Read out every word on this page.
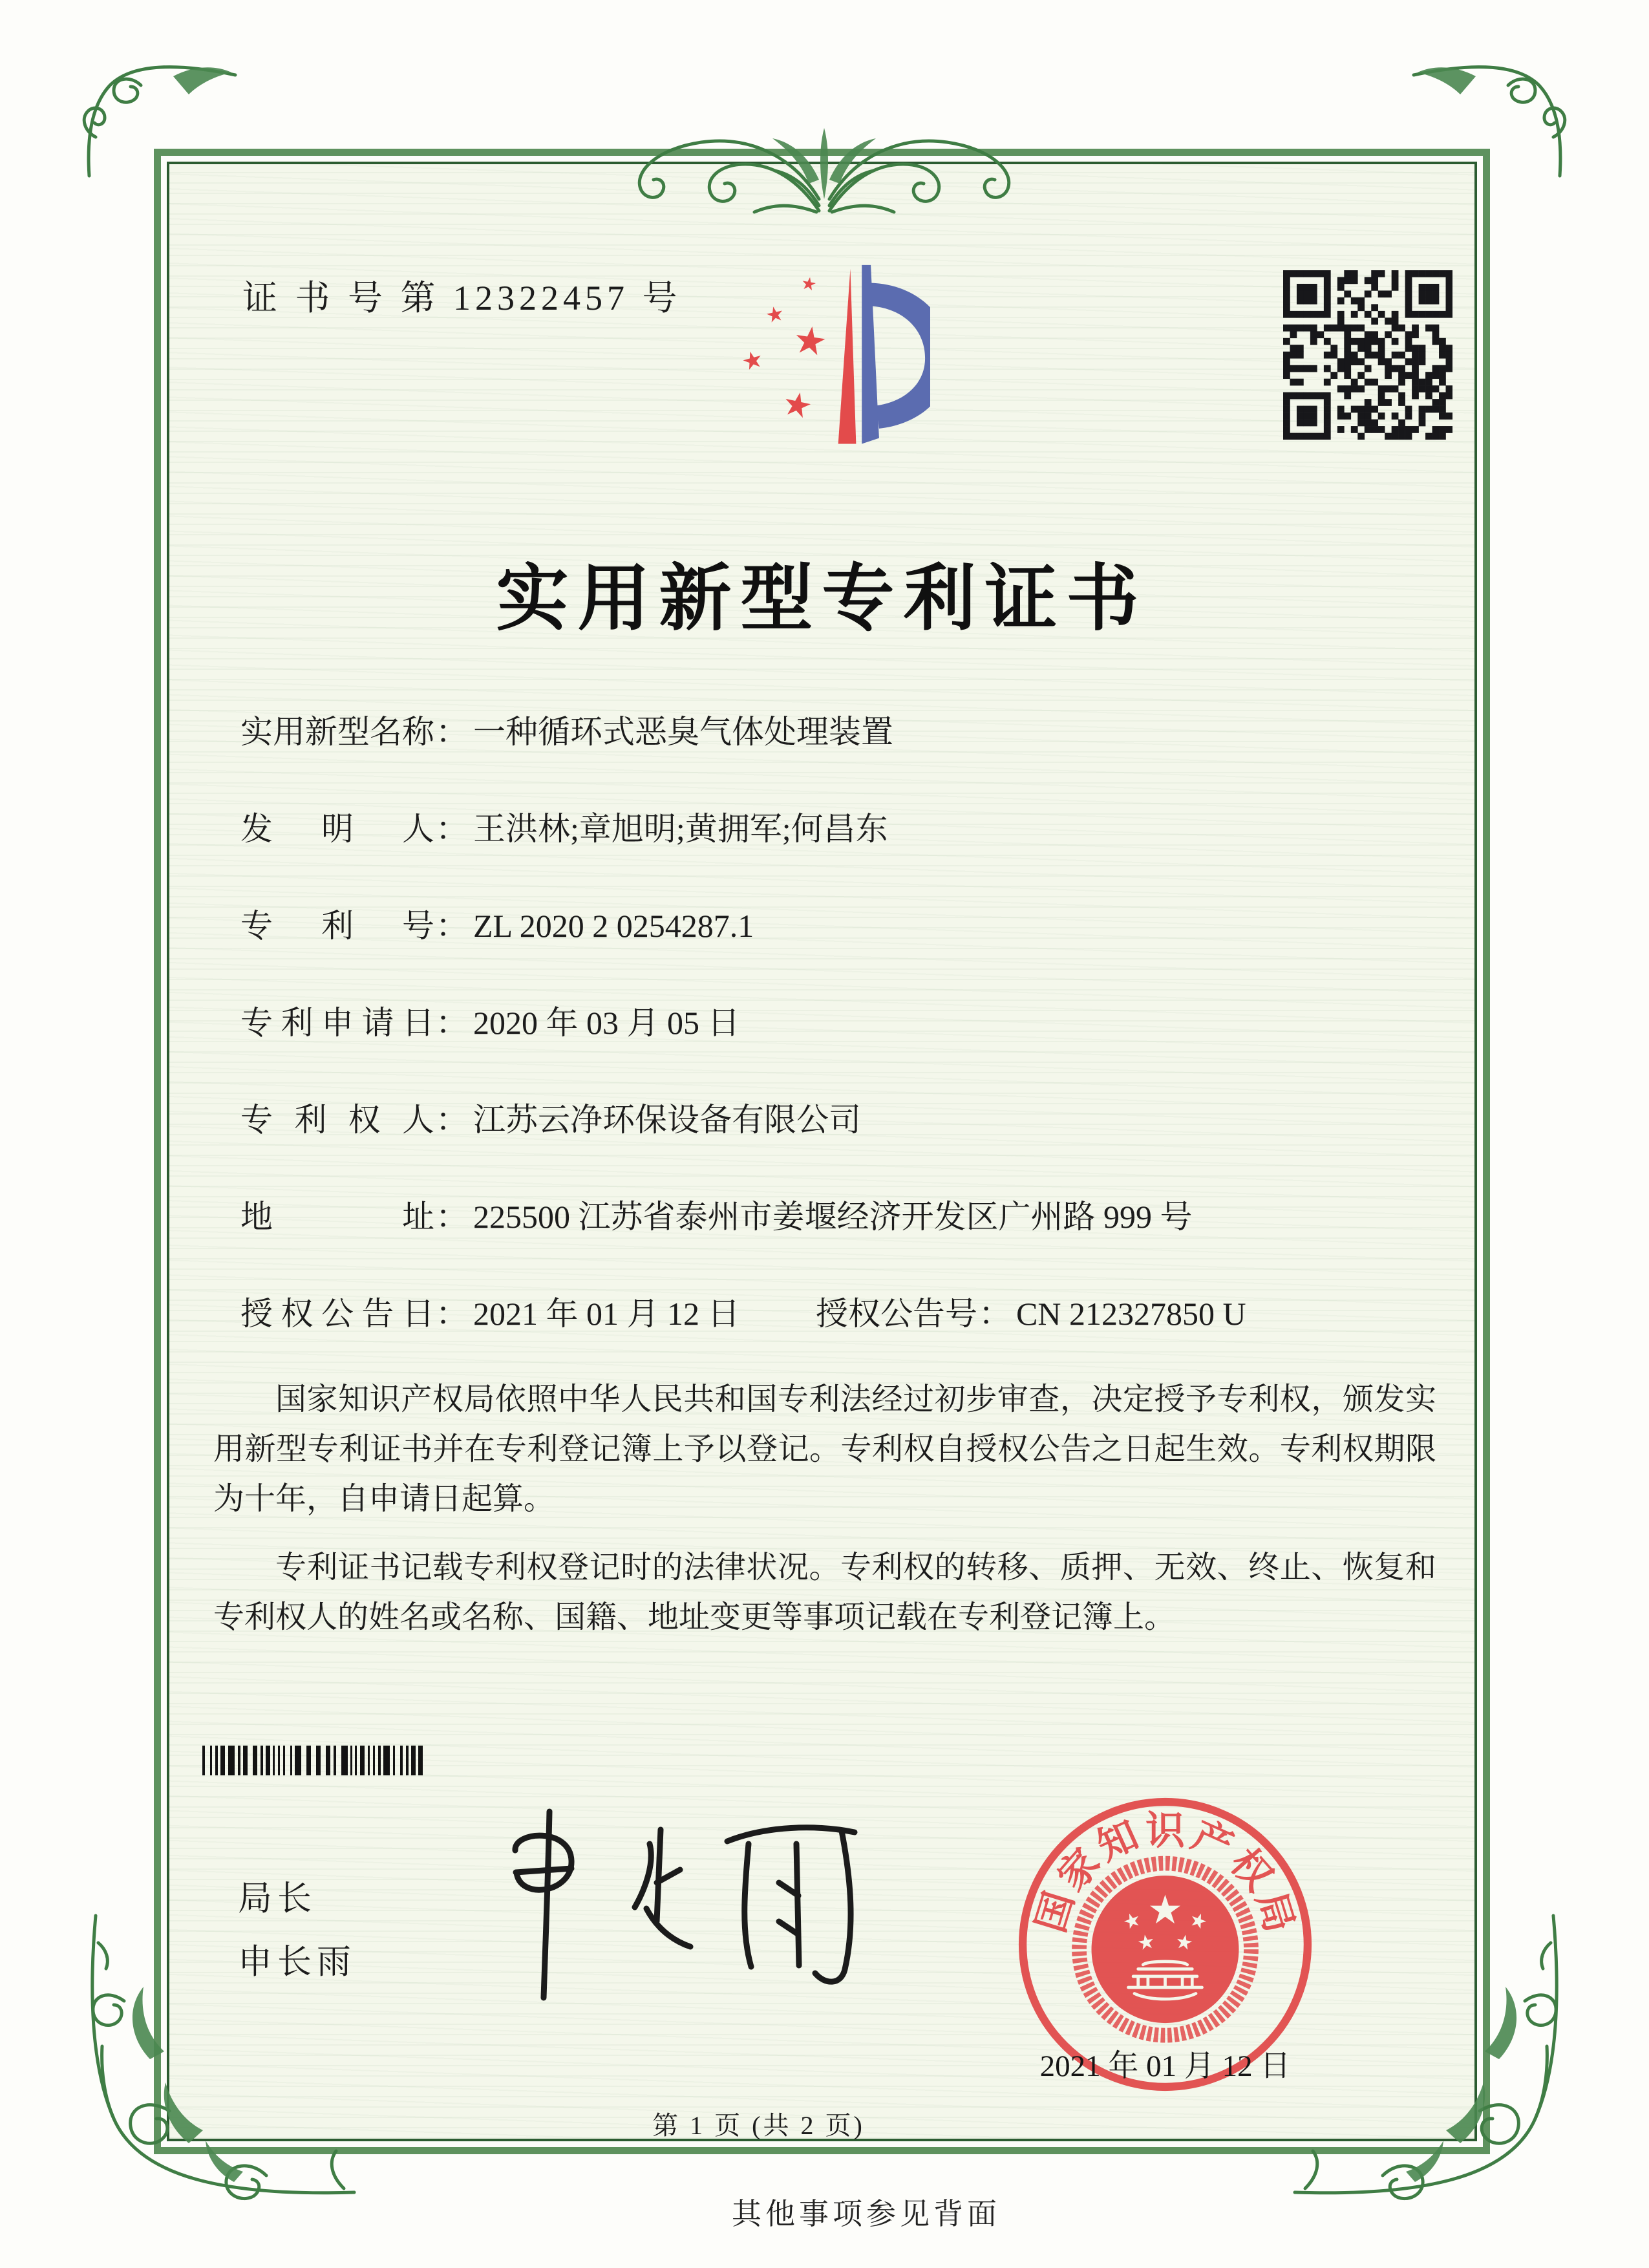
证 书 号 第 12322457 号
实用新型专利证书
实用新型名称： 一种循环式恶臭气体处理装置
发明人： 王洪林;章旭明;黄拥军;何昌东
专利号： ZL 2020 2 0254287.1
专利申请日： 2020 年 03 月 05 日
专利权人： 江苏云净环保设备有限公司
地址： 225500 江苏省泰州市姜堰经济开发区广州路 999 号
授权公告日： 2021 年 01 月 12 日 授权公告号： CN 212327850 U

国家知识产权局依照中华人民共和国专利法经过初步审查，决定授予专利权，颁发实用新型专利证书并在专利登记簿上予以登记。专利权自授权公告之日起生效。专利权期限为十年，自申请日起算。

专利证书记载专利权登记时的法律状况。专利权的转移、质押、无效、终止、恢复和专利权人的姓名或名称、国籍、地址变更等事项记载在专利登记簿上。

局长
申长雨
国
家
知 识 产
权
局
2021 年 01 月 12 日
第 1 页 (共 2 页)
其他事项参见背面
